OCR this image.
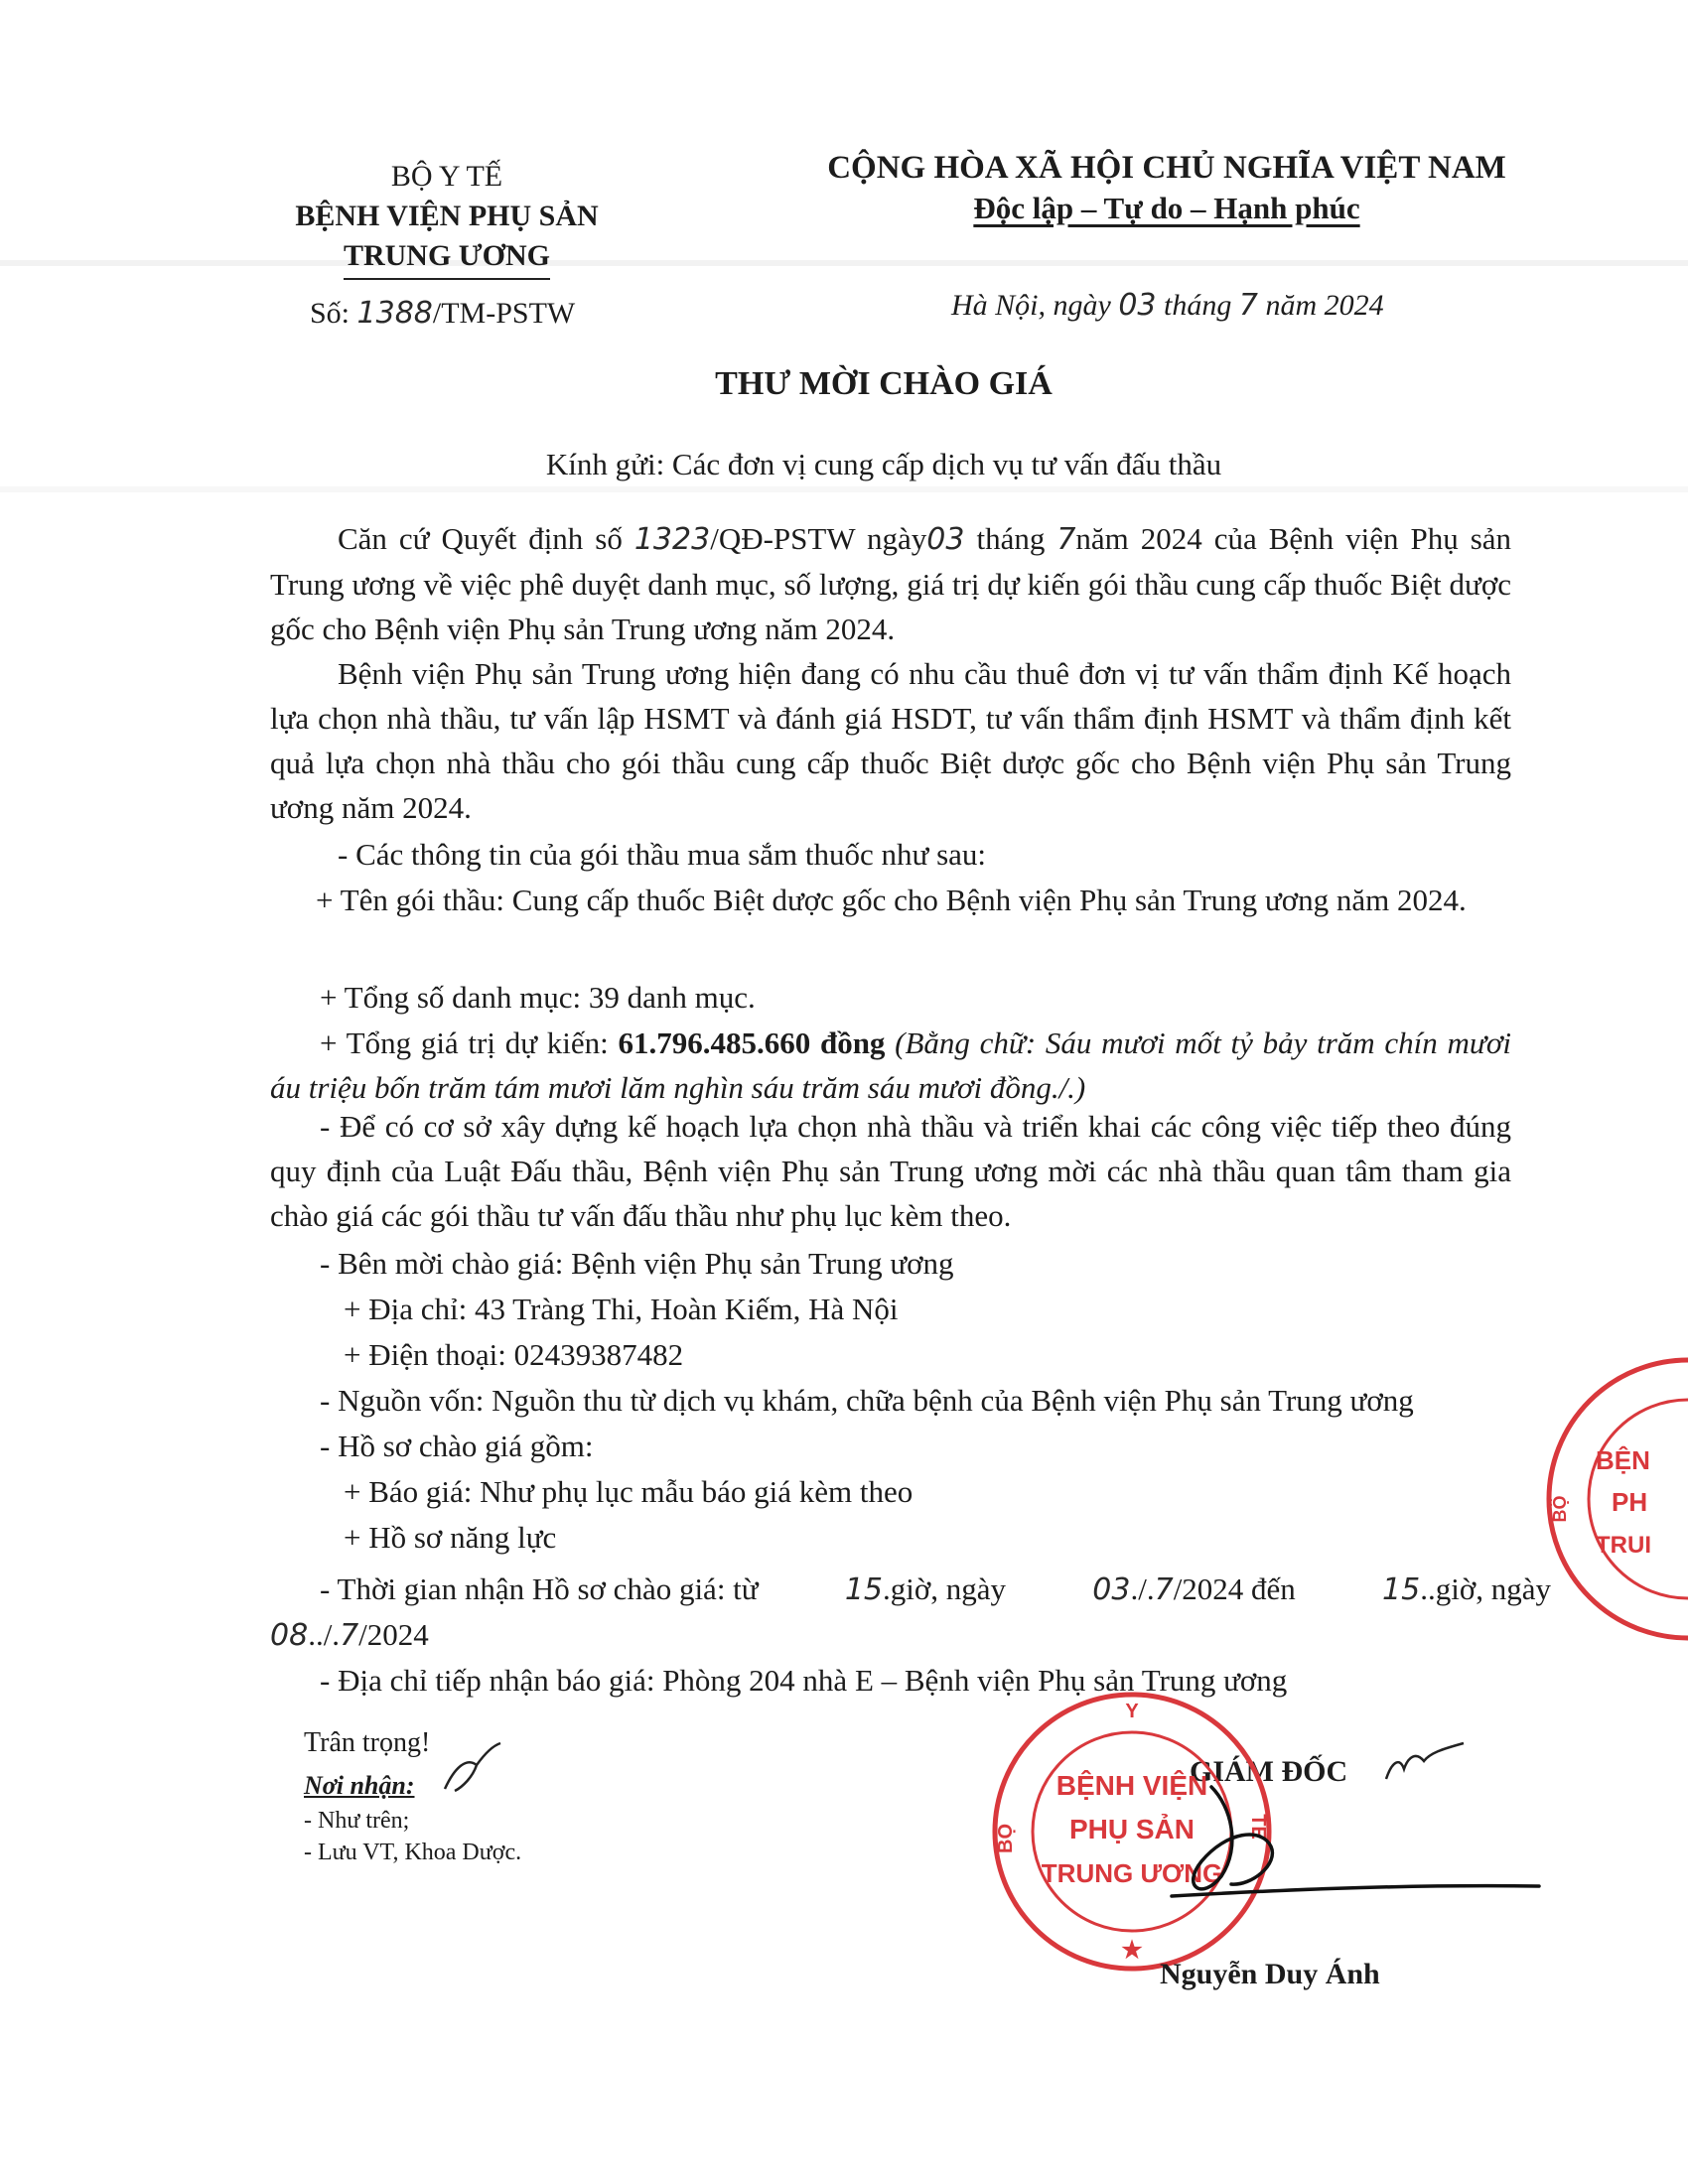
BỘ Y TẾ
BỆNH VIỆN PHỤ SẢN
TRUNG ƯƠNG
Số: 1388/TM-PSTW
CỘNG HÒA XÃ HỘI CHỦ NGHĨA VIỆT NAM
Độc lập – Tự do – Hạnh phúc
Hà Nội, ngày 03 tháng 7 năm 2024
THƯ MỜI CHÀO GIÁ
Kính gửi: Các đơn vị cung cấp dịch vụ tư vấn đấu thầu
Căn cứ Quyết định số 1323/QĐ-PSTW ngày03 tháng 7năm 2024 của Bệnh viện Phụ sản Trung ương về việc phê duyệt danh mục, số lượng, giá trị dự kiến gói thầu cung cấp thuốc Biệt dược gốc cho Bệnh viện Phụ sản Trung ương năm 2024.
Bệnh viện Phụ sản Trung ương hiện đang có nhu cầu thuê đơn vị tư vấn thẩm định Kế hoạch lựa chọn nhà thầu, tư vấn lập HSMT và đánh giá HSDT, tư vấn thẩm định HSMT và thẩm định kết quả lựa chọn nhà thầu cho gói thầu cung cấp thuốc Biệt dược gốc cho Bệnh viện Phụ sản Trung ương năm 2024.
- Các thông tin của gói thầu mua sắm thuốc như sau:
+ Tên gói thầu: Cung cấp thuốc Biệt dược gốc cho Bệnh viện Phụ sản Trung ương năm 2024.
+ Tổng số danh mục: 39 danh mục.
+ Tổng giá trị dự kiến: 61.796.485.660 đồng (Bằng chữ: Sáu mươi mốt tỷ bảy trăm chín mươi áu triệu bốn trăm tám mươi lăm nghìn sáu trăm sáu mươi đồng./.)
- Để có cơ sở xây dựng kế hoạch lựa chọn nhà thầu và triển khai các công việc tiếp theo đúng quy định của Luật Đấu thầu, Bệnh viện Phụ sản Trung ương mời các nhà thầu quan tâm tham gia chào giá các gói thầu tư vấn đấu thầu như phụ lục kèm theo.
- Bên mời chào giá: Bệnh viện Phụ sản Trung ương
+ Địa chỉ: 43 Tràng Thi, Hoàn Kiếm, Hà Nội
+ Điện thoại: 02439387482
- Nguồn vốn: Nguồn thu từ dịch vụ khám, chữa bệnh của Bệnh viện Phụ sản Trung ương
- Hồ sơ chào giá gồm:
+ Báo giá: Như phụ lục mẫu báo giá kèm theo
+ Hồ sơ năng lực
- Thời gian nhận Hồ sơ chào giá: từ	15.giờ, ngày	03./.7/2024 đến	15..giờ, ngày
08../.7/2024
- Địa chỉ tiếp nhận báo giá: Phòng 204 nhà E – Bệnh viện Phụ sản Trung ương
Trân trọng!
Nơi nhận:
- Như trên;
- Lưu VT, Khoa Dược.
GIÁM ĐỐC
BỆNH VIỆN
PHỤ SẢN
TRUNG ƯƠNG
BỘ
Y
TẾ
★
Nguyễn Duy Ánh
BỆN
PH
TRUI
BỘ
